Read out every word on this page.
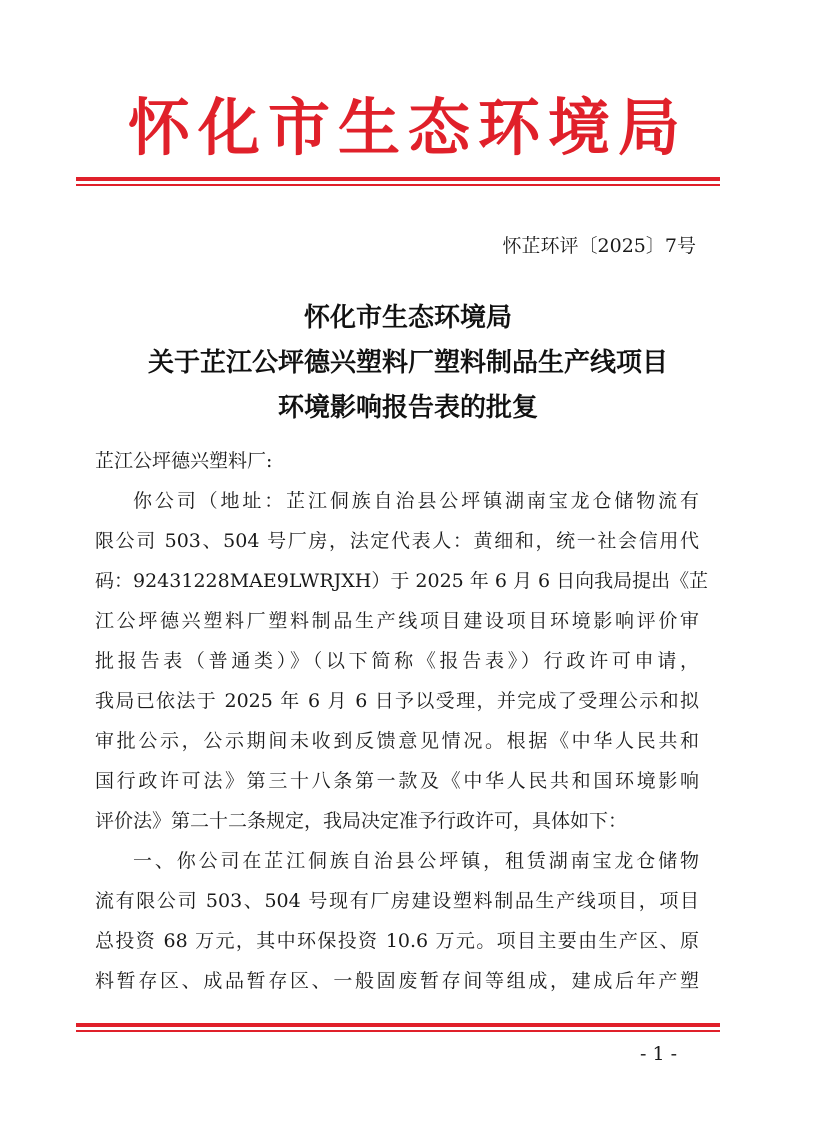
怀化市生态环境局
怀芷环评〔2025〕7号
怀化市生态环境局
关于芷江公坪德兴塑料厂塑料制品生产线项目
环境影响报告表的批复
芷江公坪德兴塑料厂:
你公司（地址：芷江侗族自治县公坪镇湖南宝龙仓储物流有
限公司 503、504 号厂房，法定代表人：黄细和，统一社会信用代
码：92431228MAE9LWRJXH）于 2025 年 6 月 6 日向我局提出《芷
江公坪德兴塑料厂塑料制品生产线项目建设项目环境影响评价审
批报告表（普通类）》（以下简称《报告表》）行政许可申请，
我局已依法于 2025 年 6 月 6 日予以受理，并完成了受理公示和拟
审批公示，公示期间未收到反馈意见情况。根据《中华人民共和
国行政许可法》第三十八条第一款及《中华人民共和国环境影响
评价法》第二十二条规定，我局决定准予行政许可，具体如下：
一、你公司在芷江侗族自治县公坪镇，租赁湖南宝龙仓储物
流有限公司 503、504 号现有厂房建设塑料制品生产线项目，项目
总投资 68 万元，其中环保投资 10.6 万元。项目主要由生产区、原
料暂存区、成品暂存区、一般固废暂存间等组成，建成后年产塑
- 1 -
